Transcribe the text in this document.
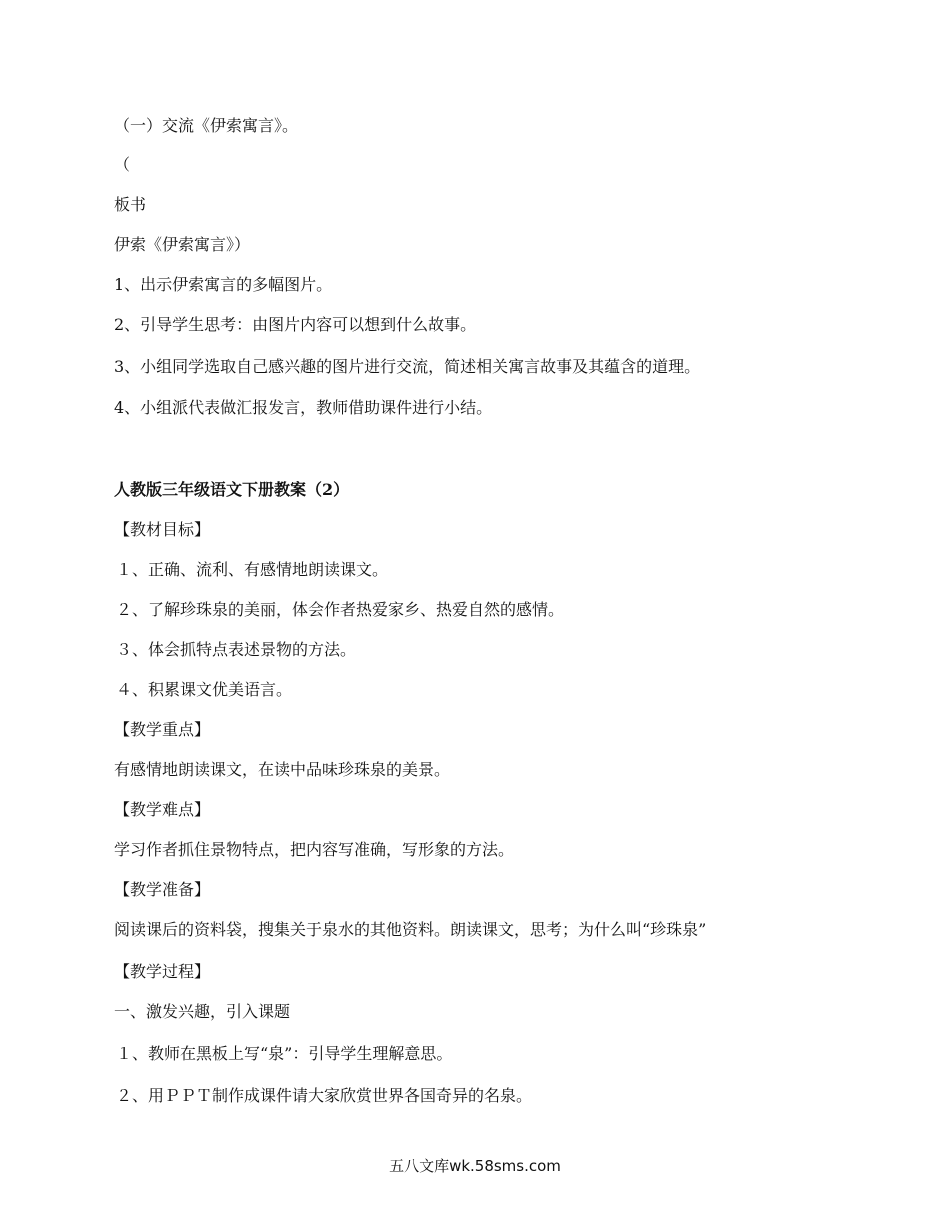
（一）交流《伊索寓言》。
（
板书
伊索《伊索寓言》）
1、出示伊索寓言的多幅图片。
2、引导学生思考：由图片内容可以想到什么故事。
3、小组同学选取自己感兴趣的图片进行交流，简述相关寓言故事及其蕴含的道理。
4、小组派代表做汇报发言，教师借助课件进行小结。
人教版三年级语文下册教案（2）
【教材目标】
１、正确、流利、有感情地朗读课文。
２、了解珍珠泉的美丽，体会作者热爱家乡、热爱自然的感情。
３、体会抓特点表述景物的方法。
４、积累课文优美语言。
【教学重点】
有感情地朗读课文，在读中品味珍珠泉的美景。
【教学难点】
学习作者抓住景物特点，把内容写准确，写形象的方法。
【教学准备】
阅读课后的资料袋，搜集关于泉水的其他资料。朗读课文，思考；为什么叫“珍珠泉”
【教学过程】
一、激发兴趣，引入课题
１、教师在黑板上写“泉”：引导学生理解意思。
２、用ＰＰＴ制作成课件请大家欣赏世界各国奇异的名泉。
五八文库wk.58sms.com
